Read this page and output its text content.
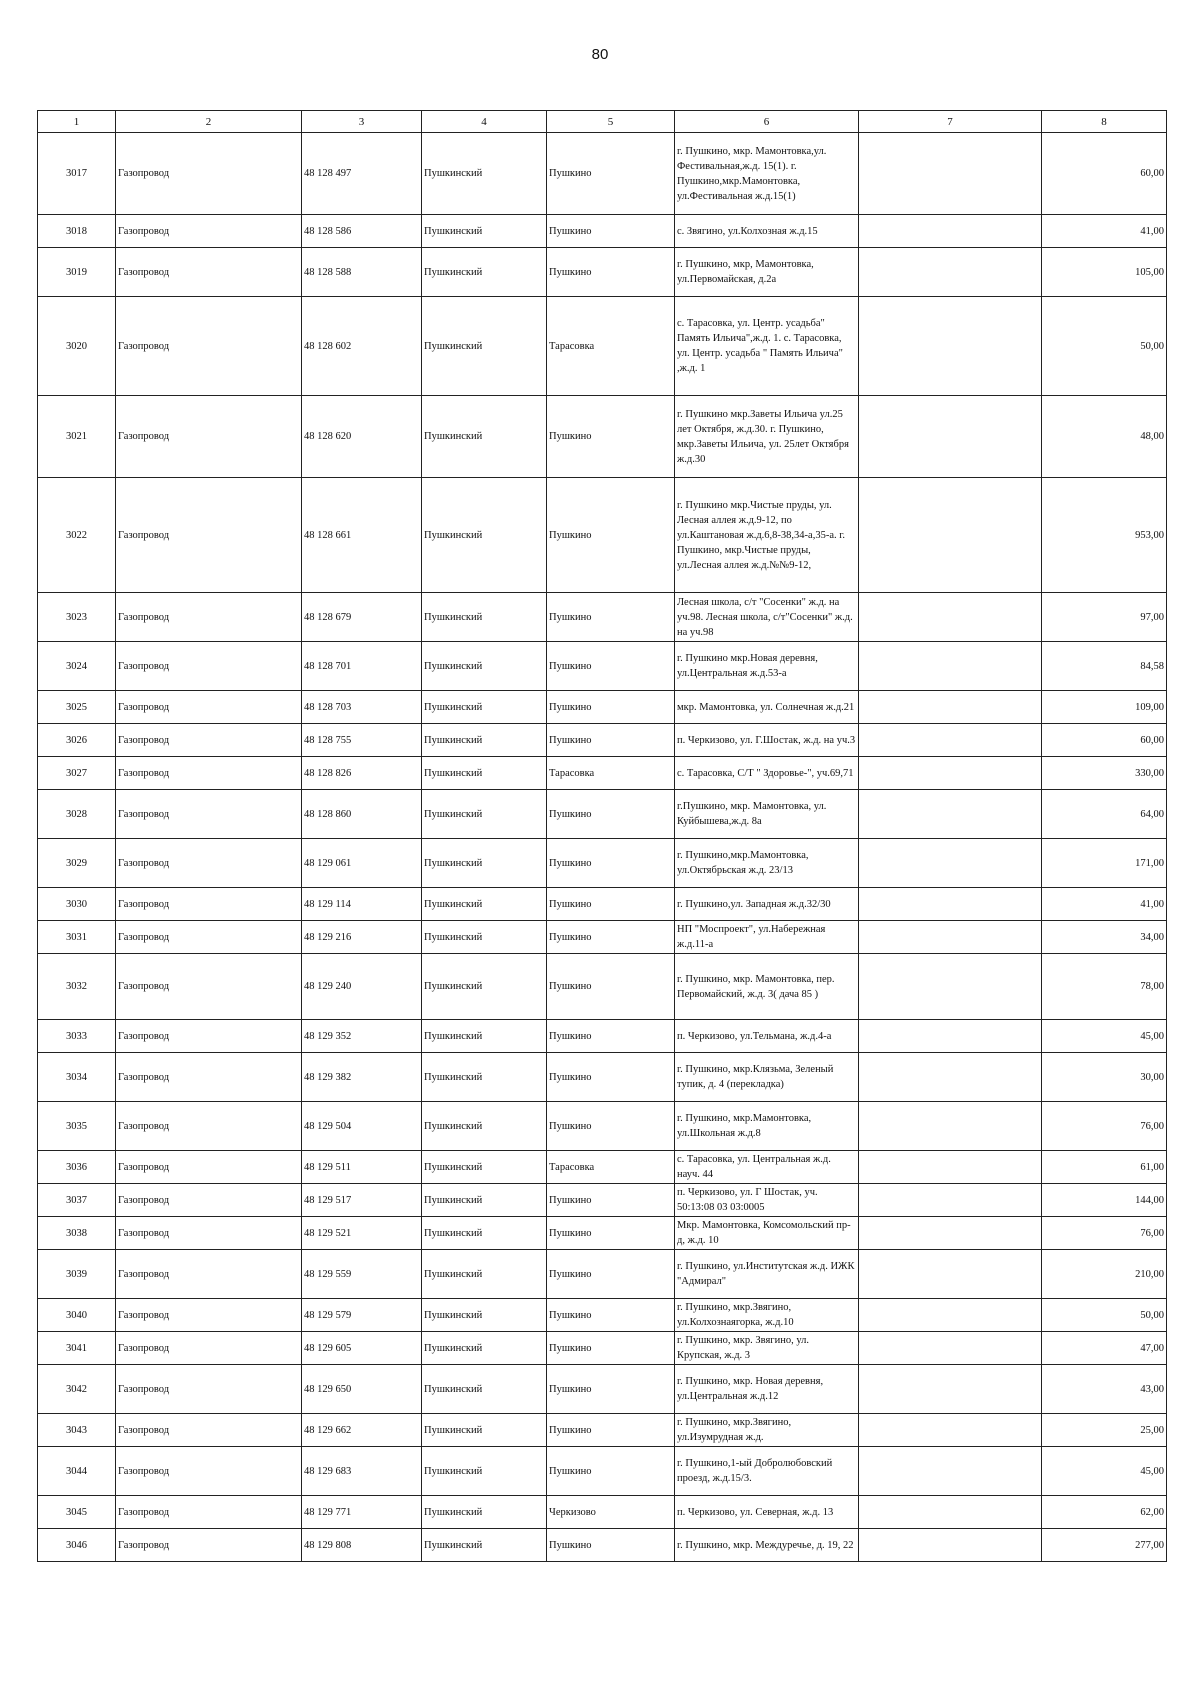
80
1	2	3	4	5	6	7	8
3017	Газопровод	48 128 497	Пушкинский	Пушкино	г. Пушкино, мкр. Мамонтовка,ул. Фестивальная,ж.д. 15(1). г. Пушкино,мкр.Мамонтовка, ул.Фестивальная ж.д.15(1)		60,00
3018	Газопровод	48 128 586	Пушкинский	Пушкино	с. Звягино, ул.Колхозная ж.д.15		41,00
3019	Газопровод	48 128 588	Пушкинский	Пушкино	г. Пушкино, мкр, Мамонтовка, ул.Первомайская, д.2а		105,00
3020	Газопровод	48 128 602	Пушкинский	Тарасовка	с. Тарасовка, ул. Центр. усадьба" Память Ильича",ж.д. 1. с. Тарасовка, ул. Центр. усадьба " Память Ильича" ,ж.д. 1		50,00
3021	Газопровод	48 128 620	Пушкинский	Пушкино	г. Пушкино мкр.Заветы Ильича ул.25 лет Октября, ж.д.30. г. Пушкино, мкр.Заветы Ильича, ул. 25лет Октября ж.д.30		48,00
3022	Газопровод	48 128 661	Пушкинский	Пушкино	г. Пушкино мкр.Чистые пруды, ул. Лесная аллея ж.д.9-12, по ул.Каштановая ж.д.6,8-38,34-а,35-а. г. Пушкино, мкр.Чистые пруды, ул.Лесная аллея ж.д.№№9-12,		953,00
3023	Газопровод	48 128 679	Пушкинский	Пушкино	Лесная школа, с/т "Сосенки" ж.д. на уч.98. Лесная школа, с/т"Сосенки" ж.д. на уч.98		97,00
3024	Газопровод	48 128 701	Пушкинский	Пушкино	г. Пушкино мкр.Новая деревня, ул.Центральная ж.д.53-а		84,58
3025	Газопровод	48 128 703	Пушкинский	Пушкино	мкр. Мамонтовка, ул. Солнечная ж.д.21		109,00
3026	Газопровод	48 128 755	Пушкинский	Пушкино	п. Черкизово, ул. Г.Шостак, ж.д. на уч.3		60,00
3027	Газопровод	48 128 826	Пушкинский	Тарасовка	с. Тарасовка, С/Т " Здоровье-", уч.69,71		330,00
3028	Газопровод	48 128 860	Пушкинский	Пушкино	г.Пушкино, мкр. Мамонтовка, ул. Куйбышева,ж.д. 8а		64,00
3029	Газопровод	48 129 061	Пушкинский	Пушкино	г. Пушкино,мкр.Мамонтовка, ул.Октябрьская ж.д. 23/13		171,00
3030	Газопровод	48 129 114	Пушкинский	Пушкино	г. Пушкино,ул. Западная ж.д.32/30		41,00
3031	Газопровод	48 129 216	Пушкинский	Пушкино	НП "Моспроект", ул.Набережная ж.д.11-а		34,00
3032	Газопровод	48 129 240	Пушкинский	Пушкино	г. Пушкино, мкр. Мамонтовка, пер. Первомайский, ж.д. 3( дача 85 )		78,00
3033	Газопровод	48 129 352	Пушкинский	Пушкино	п. Черкизово, ул.Тельмана, ж.д.4-а		45,00
3034	Газопровод	48 129 382	Пушкинский	Пушкино	г. Пушкино, мкр.Клязьма, Зеленый тупик, д. 4 (перекладка)		30,00
3035	Газопровод	48 129 504	Пушкинский	Пушкино	г. Пушкино, мкр.Мамонтовка, ул.Школьная ж.д.8		76,00
3036	Газопровод	48 129 511	Пушкинский	Тарасовка	с. Тарасовка, ул. Центральная ж.д. науч. 44		61,00
3037	Газопровод	48 129 517	Пушкинский	Пушкино	п. Черкизово, ул. Г Шостак, уч. 50:13:08 03 03:0005		144,00
3038	Газопровод	48 129 521	Пушкинский	Пушкино	Мкр. Мамонтовка, Комсомольский пр-д, ж.д. 10		76,00
3039	Газопровод	48 129 559	Пушкинский	Пушкино	г. Пушкино, ул.Институтская ж.д. ИЖК "Адмирал"		210,00
3040	Газопровод	48 129 579	Пушкинский	Пушкино	г. Пушкино, мкр.Звягино, ул.Колхознаягорка, ж.д.10		50,00
3041	Газопровод	48 129 605	Пушкинский	Пушкино	г. Пушкино, мкр. Звягино, ул. Крупская, ж.д. 3		47,00
3042	Газопровод	48 129 650	Пушкинский	Пушкино	г. Пушкино, мкр. Новая деревня, ул.Центральная ж.д.12		43,00
3043	Газопровод	48 129 662	Пушкинский	Пушкино	г. Пушкино, мкр.Звягино, ул.Изумрудная ж.д.		25,00
3044	Газопровод	48 129 683	Пушкинский	Пушкино	г. Пушкино,1-ый Добролюбовский проезд, ж.д.15/3.		45,00
3045	Газопровод	48 129 771	Пушкинский	Черкизово	п. Черкизово, ул. Северная, ж.д. 13		62,00
3046	Газопровод	48 129 808	Пушкинский	Пушкино	г. Пушкино, мкр. Междуречье, д. 19, 22		277,00
